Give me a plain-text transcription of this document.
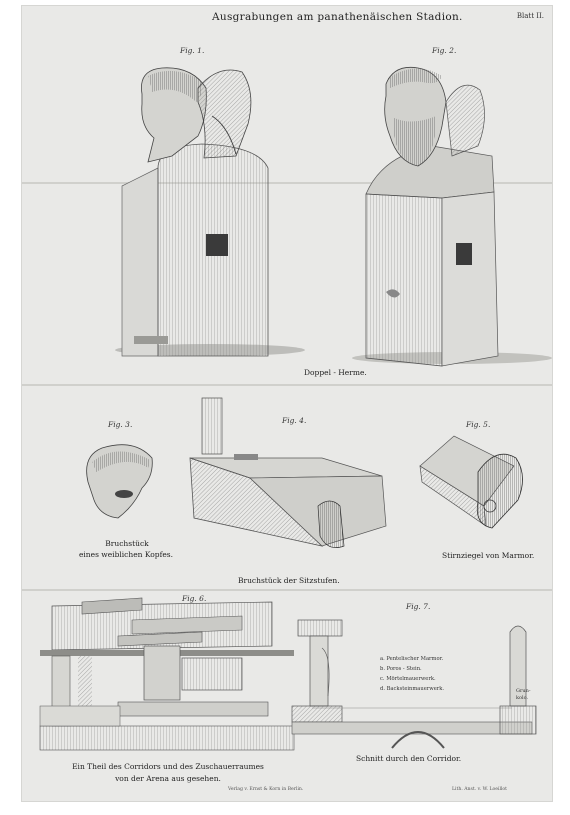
Ausgrabungen am panathenäischen Stadion.	Blatt II.
Fig. 1.	Fig. 2.
Fig. 3.	Fig. 4.	Fig. 5.
Fig. 6.
Fig. 7.
Doppel - Herme.
Bruchstück
eines weiblichen Kopfes.
Bruchstück der Sitzstufen.
Stirnziegel von Marmor.
Ein Theil des Corridors und des Zuschauerraumes
von der Arena aus gesehen.
Schnitt durch den Corridor.
a. Pentelischer Marmor.
b. Poros - Stein.
c. Mörtelmauerwerk.
d. Backsteinmauerwerk.	Grun-
kolo.
Verlag v. Ernst & Korn in Berlin.	Lith. Anst. v. W. Loeillot
